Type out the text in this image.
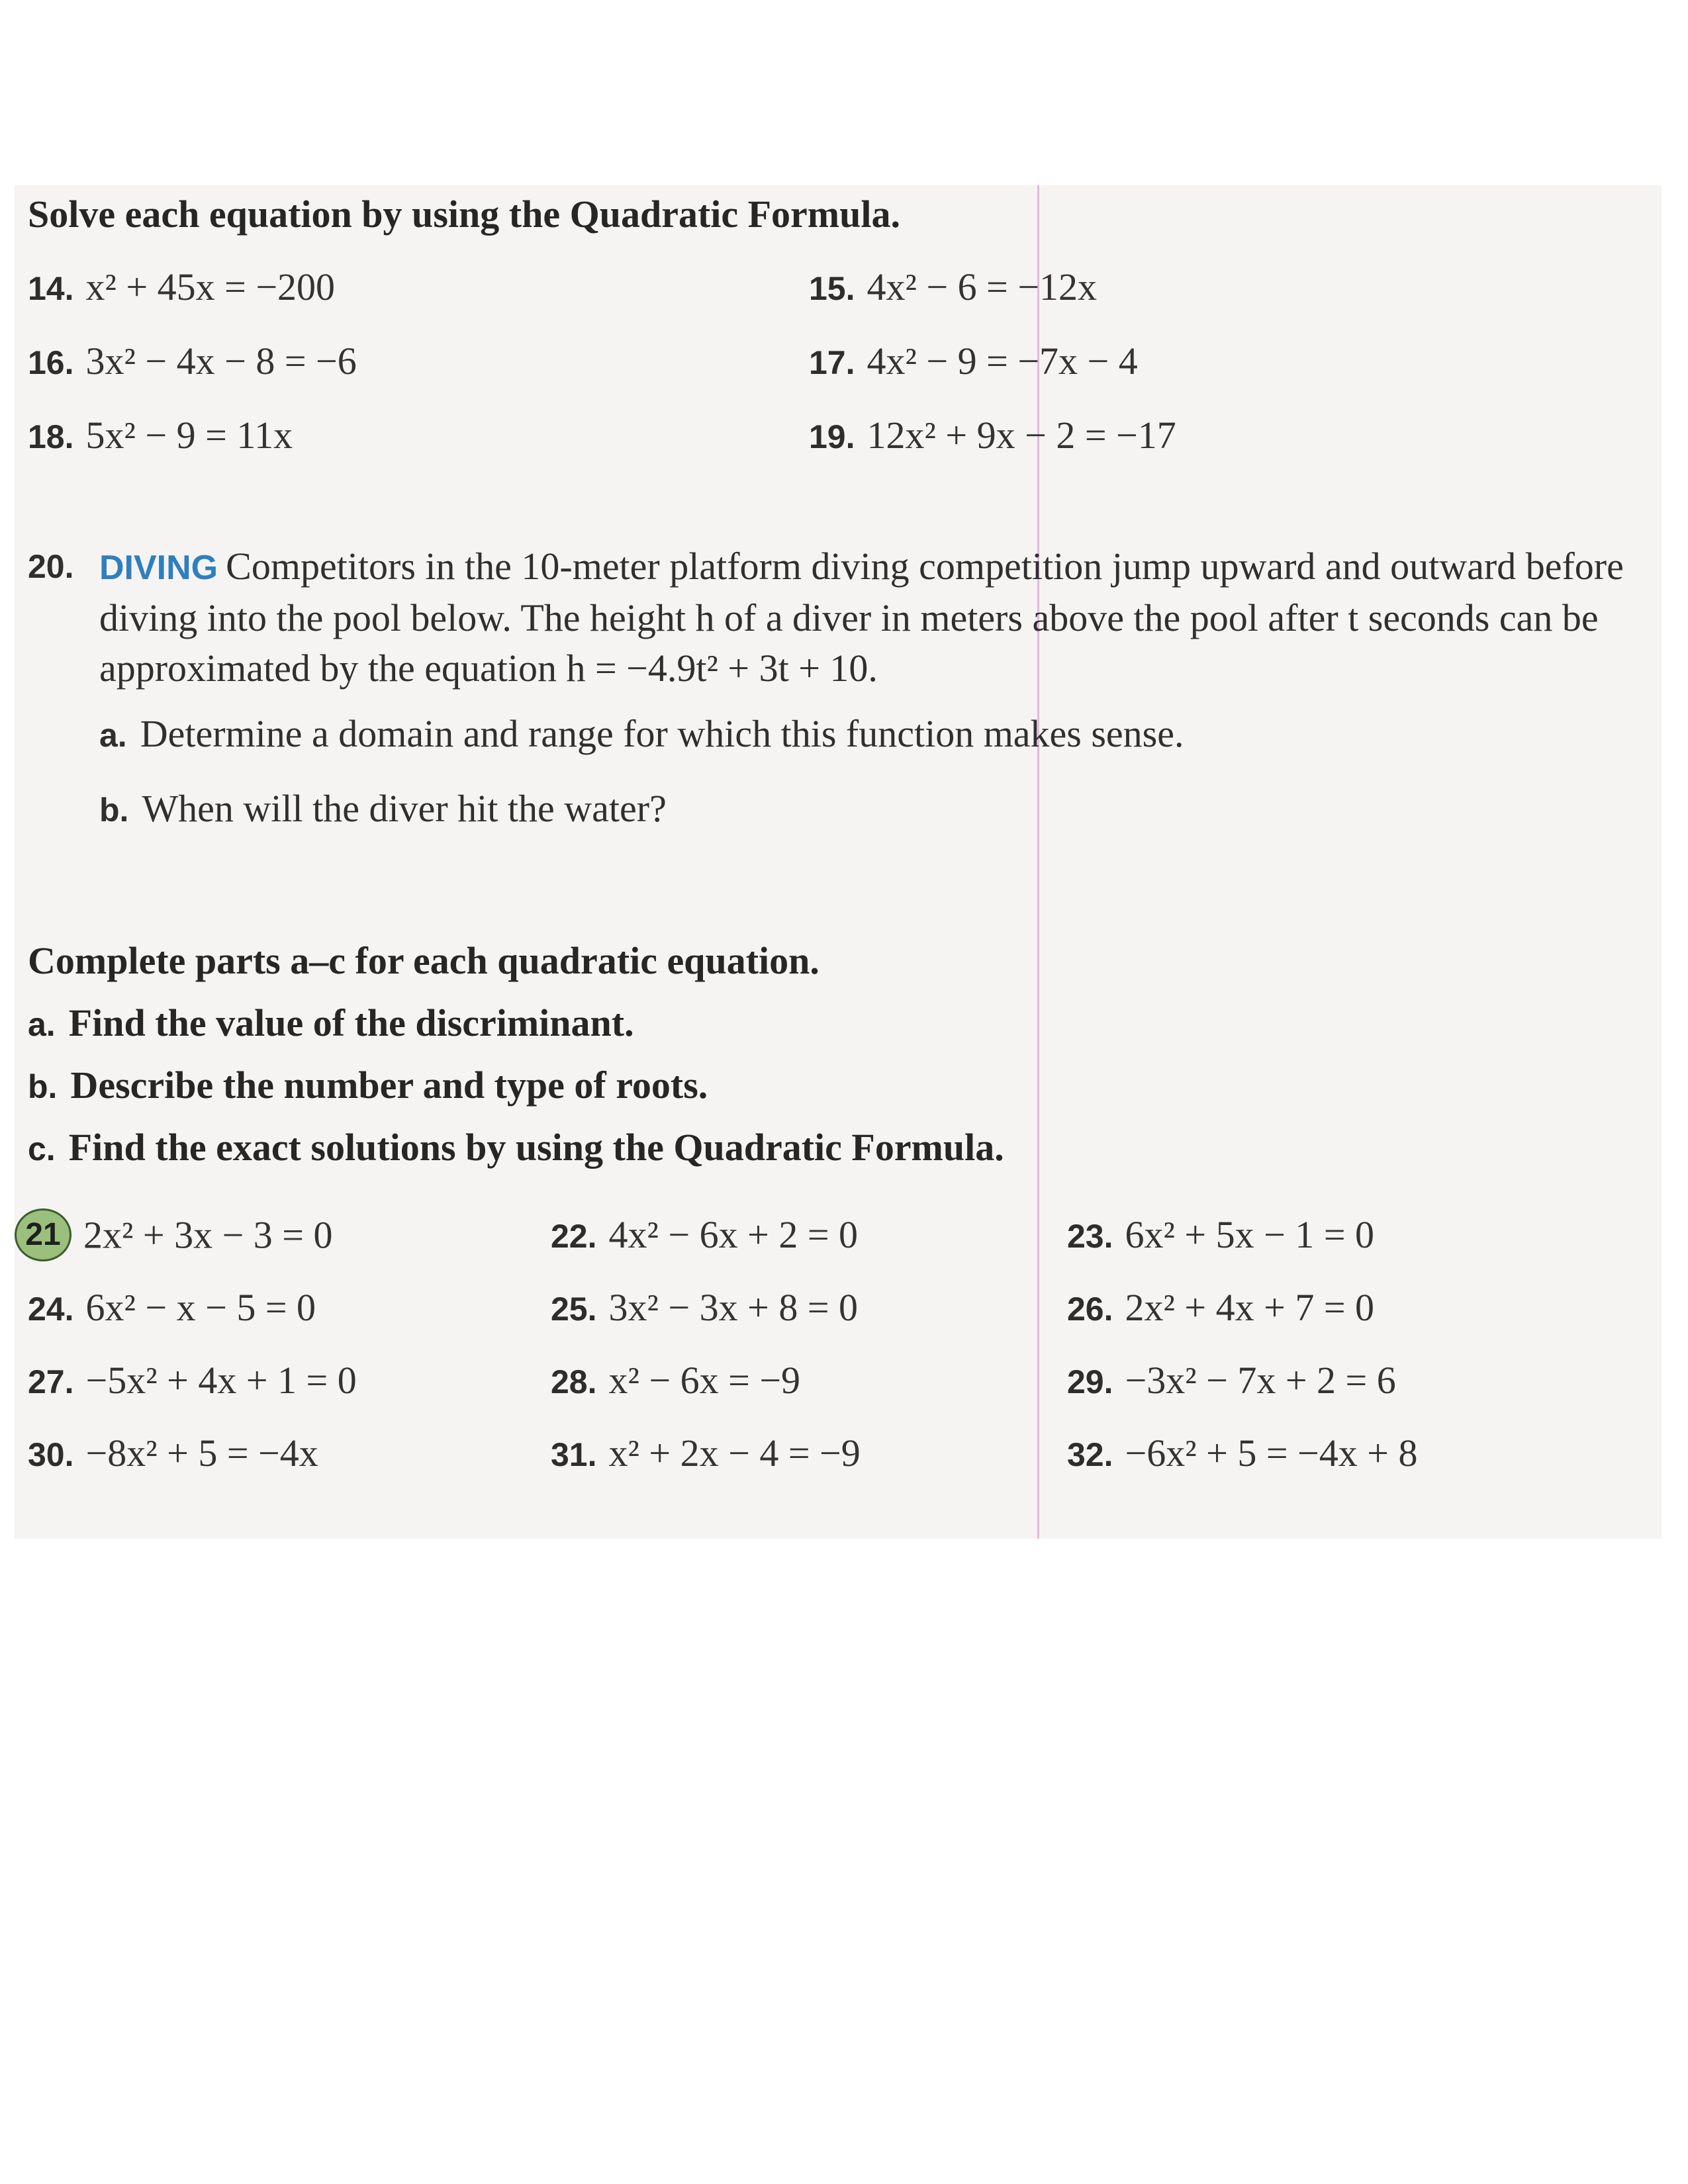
Solve each equation by using the Quadratic Formula.
14. x² + 45x = −200	15. 4x² − 6 = −12x
16. 3x² − 4x − 8 = −6	17. 4x² − 9 = −7x − 4
18. 5x² − 9 = 11x	19. 12x² + 9x − 2 = −17
20. DIVING Competitors in the 10-meter platform diving competition jump upward and outward before diving into the pool below. The height h of a diver in meters above the pool after t seconds can be approximated by the equation h = −4.9t² + 3t + 10.
a. Determine a domain and range for which this function makes sense.
b. When will the diver hit the water?
Complete parts a–c for each quadratic equation.
a. Find the value of the discriminant.
b. Describe the number and type of roots.
c. Find the exact solutions by using the Quadratic Formula.
21 2x² + 3x − 3 = 0	22. 4x² − 6x + 2 = 0	23. 6x² + 5x − 1 = 0
24. 6x² − x − 5 = 0	25. 3x² − 3x + 8 = 0	26. 2x² + 4x + 7 = 0
27. −5x² + 4x + 1 = 0	28. x² − 6x = −9	29. −3x² − 7x + 2 = 6
30. −8x² + 5 = −4x	31. x² + 2x − 4 = −9	32. −6x² + 5 = −4x + 8
